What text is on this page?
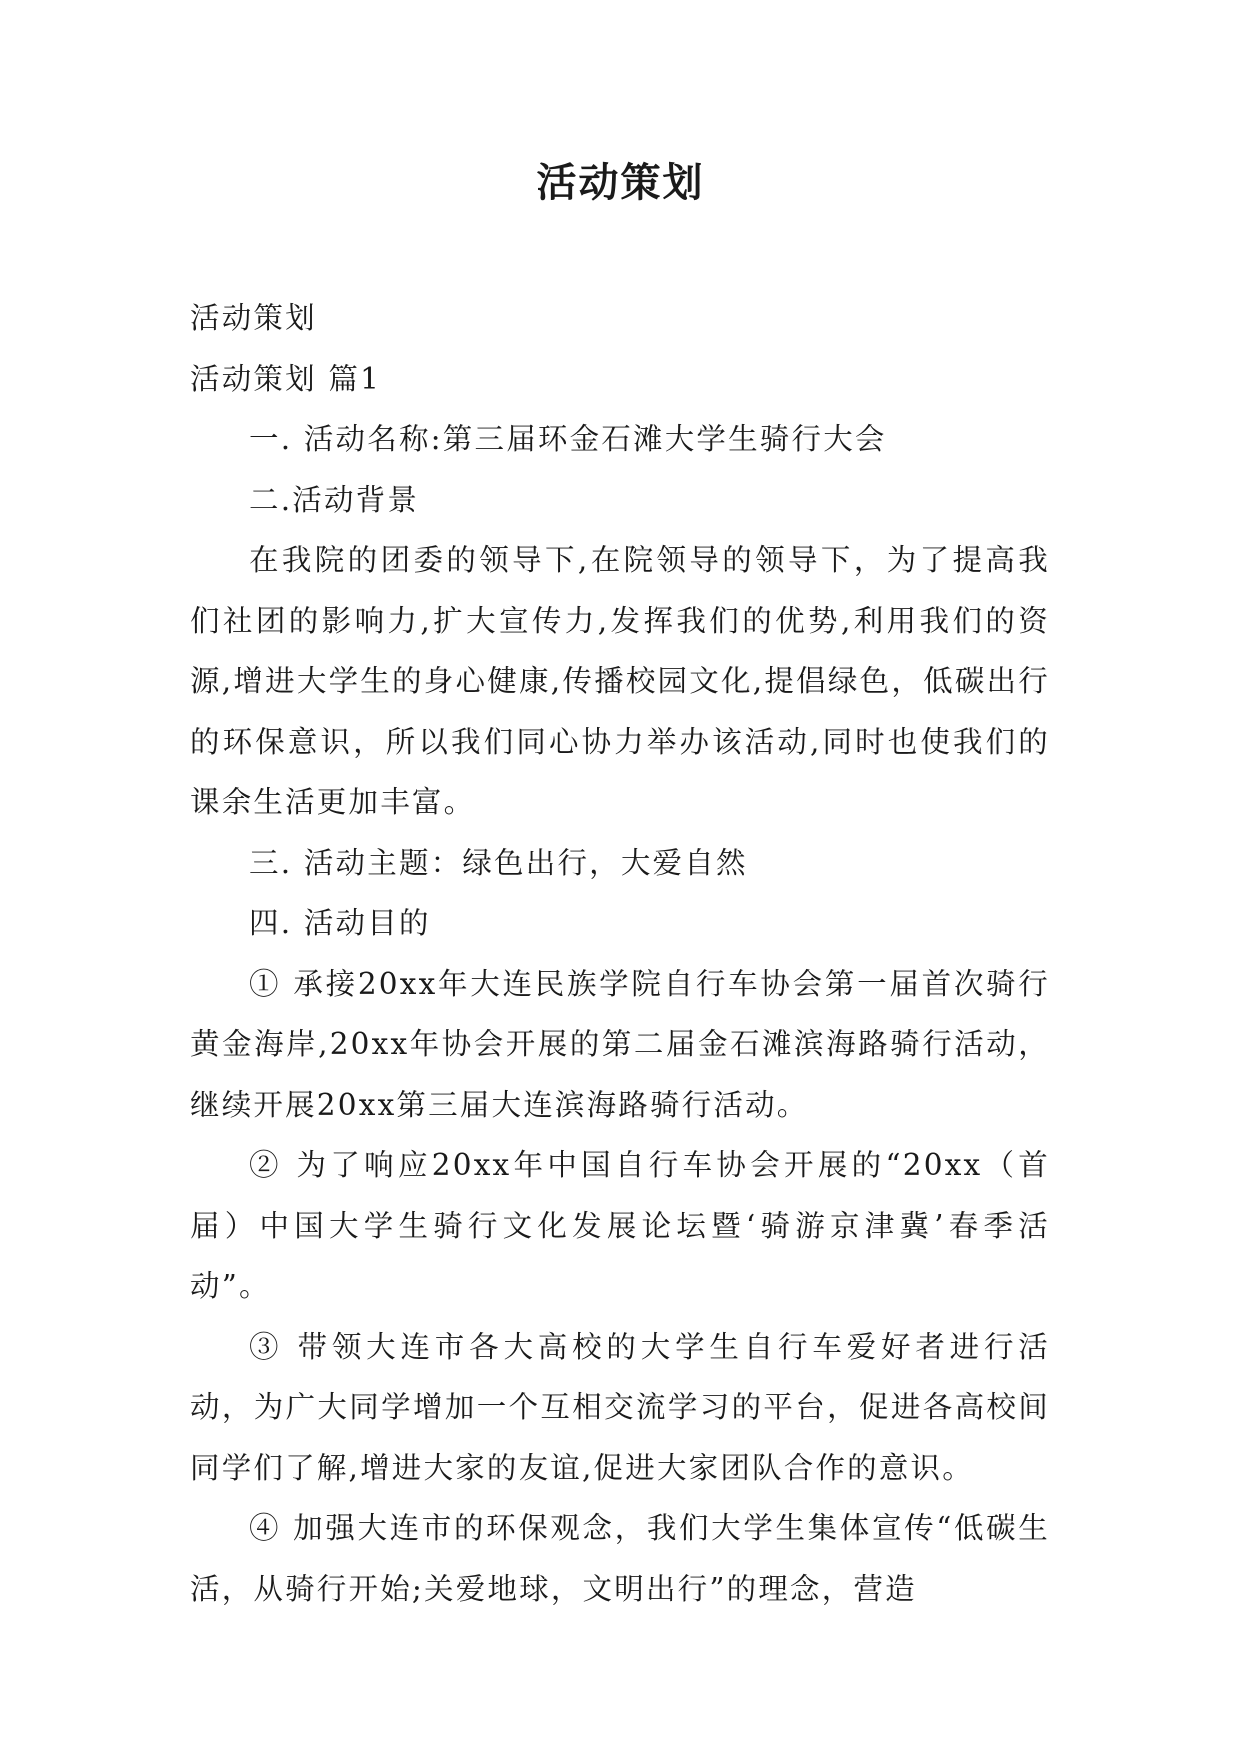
活动策划

活动策划

活动策划 篇1

一. 活动名称:第三届环金石滩大学生骑行大会

二.活动背景

在我院的团委的领导下,在院领导的领导下，为了提高我们社团的影响力,扩大宣传力,发挥我们的优势,利用我们的资源,增进大学生的身心健康,传播校园文化,提倡绿色，低碳出行的环保意识，所以我们同心协力举办该活动,同时也使我们的课余生活更加丰富。

三. 活动主题：绿色出行，大爱自然

四. 活动目的

① 承接20xx年大连民族学院自行车协会第一届首次骑行黄金海岸,20xx年协会开展的第二届金石滩滨海路骑行活动，继续开展20xx第三届大连滨海路骑行活动。

② 为了响应20xx年中国自行车协会开展的“20xx（首届）中国大学生骑行文化发展论坛暨‘骑游京津冀’春季活动”。

③ 带领大连市各大高校的大学生自行车爱好者进行活动，为广大同学增加一个互相交流学习的平台，促进各高校间同学们了解,增进大家的友谊,促进大家团队合作的意识。

④ 加强大连市的环保观念，我们大学生集体宣传“低碳生活，从骑行开始;关爱地球，文明出行”的理念，营造
